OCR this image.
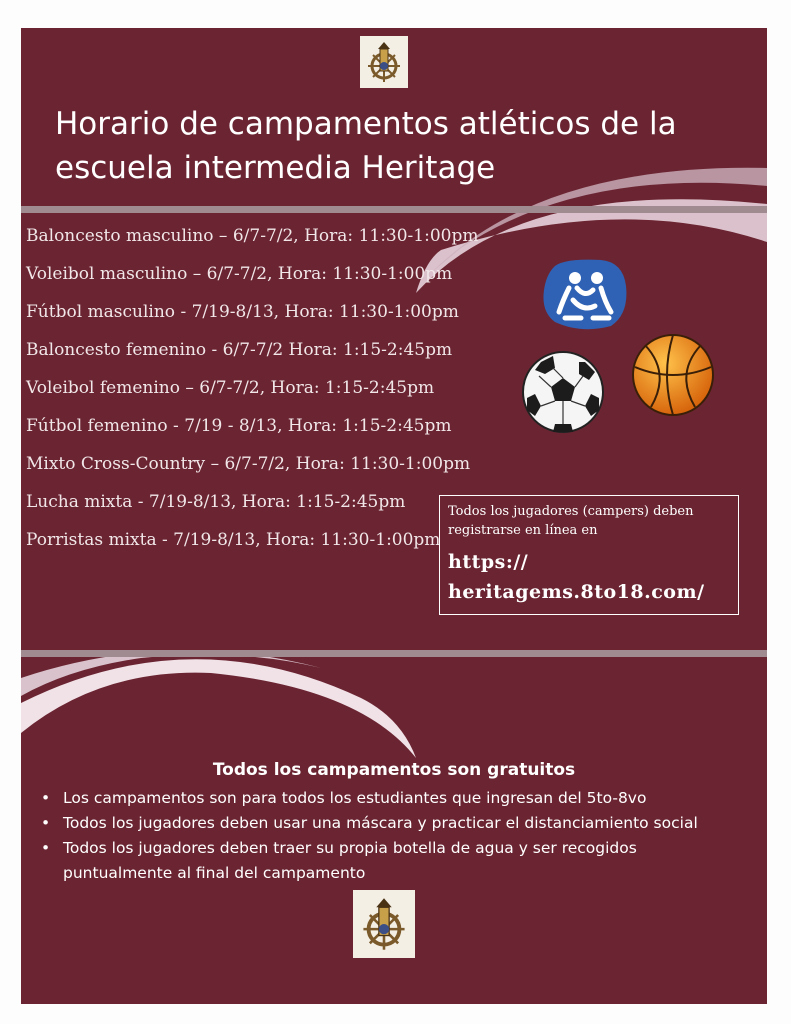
Horario de campamentos atléticos de la escuela intermedia Heritage
Baloncesto masculino – 6/7-7/2, Hora: 11:30-1:00pm
Voleibol masculino – 6/7-7/2, Hora: 11:30-1:00pm
Fútbol masculino - 7/19-8/13, Hora: 11:30-1:00pm
Baloncesto femenino - 6/7-7/2 Hora: 1:15-2:45pm
Voleibol femenino – 6/7-7/2, Hora: 1:15-2:45pm
Fútbol femenino - 7/19 - 8/13, Hora: 1:15-2:45pm
Mixto Cross-Country – 6/7-7/2, Hora: 11:30-1:00pm
Lucha mixta - 7/19-8/13, Hora: 1:15-2:45pm
Porristas mixta - 7/19-8/13, Hora: 11:30-1:00pm

Todos los jugadores (campers) deben registrarse en línea en

https://
heritagems.8to18.com/

Todos los campamentos son gratuitos
• Los campamentos son para todos los estudiantes que ingresan del 5to-8vo
• Todos los jugadores deben usar una máscara y practicar el distanciamiento social
• Todos los jugadores deben traer su propia botella de agua y ser recogidos puntualmente al final del campamento
